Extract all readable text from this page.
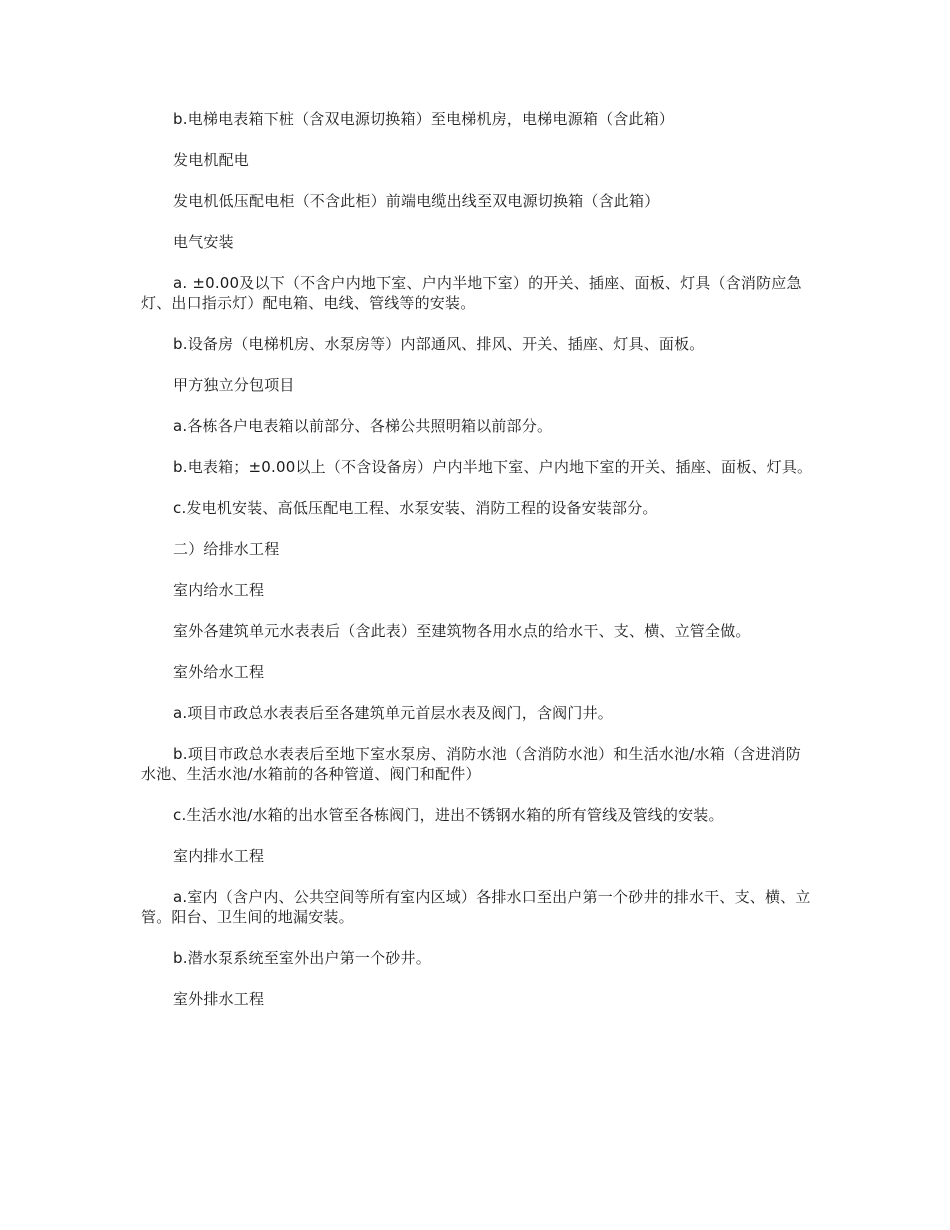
b.电梯电表箱下桩（含双电源切换箱）至电梯机房，电梯电源箱（含此箱）

发电机配电

发电机低压配电柜（不含此柜）前端电缆出线至双电源切换箱（含此箱）

电气安装

a. ±0.00及以下（不含户内地下室、户内半地下室）的开关、插座、面板、灯具（含消防应急灯、出口指示灯）配电箱、电线、管线等的安装。

b.设备房（电梯机房、水泵房等）内部通风、排风、开关、插座、灯具、面板。

甲方独立分包项目

a.各栋各户电表箱以前部分、各梯公共照明箱以前部分。

b.电表箱；±0.00以上（不含设备房）户内半地下室、户内地下室的开关、插座、面板、灯具。

c.发电机安装、高低压配电工程、水泵安装、消防工程的设备安装部分。

二）给排水工程

室内给水工程

室外各建筑单元水表表后（含此表）至建筑物各用水点的给水干、支、横、立管全做。

室外给水工程

a.项目市政总水表表后至各建筑单元首层水表及阀门，含阀门井。

b.项目市政总水表表后至地下室水泵房、消防水池（含消防水池）和生活水池/水箱（含进消防水池、生活水池/水箱前的各种管道、阀门和配件）

c.生活水池/水箱的出水管至各栋阀门，进出不锈钢水箱的所有管线及管线的安装。

室内排水工程

a.室内（含户内、公共空间等所有室内区域）各排水口至出户第一个砂井的排水干、支、横、立管。阳台、卫生间的地漏安装。

b.潜水泵系统至室外出户第一个砂井。

室外排水工程
